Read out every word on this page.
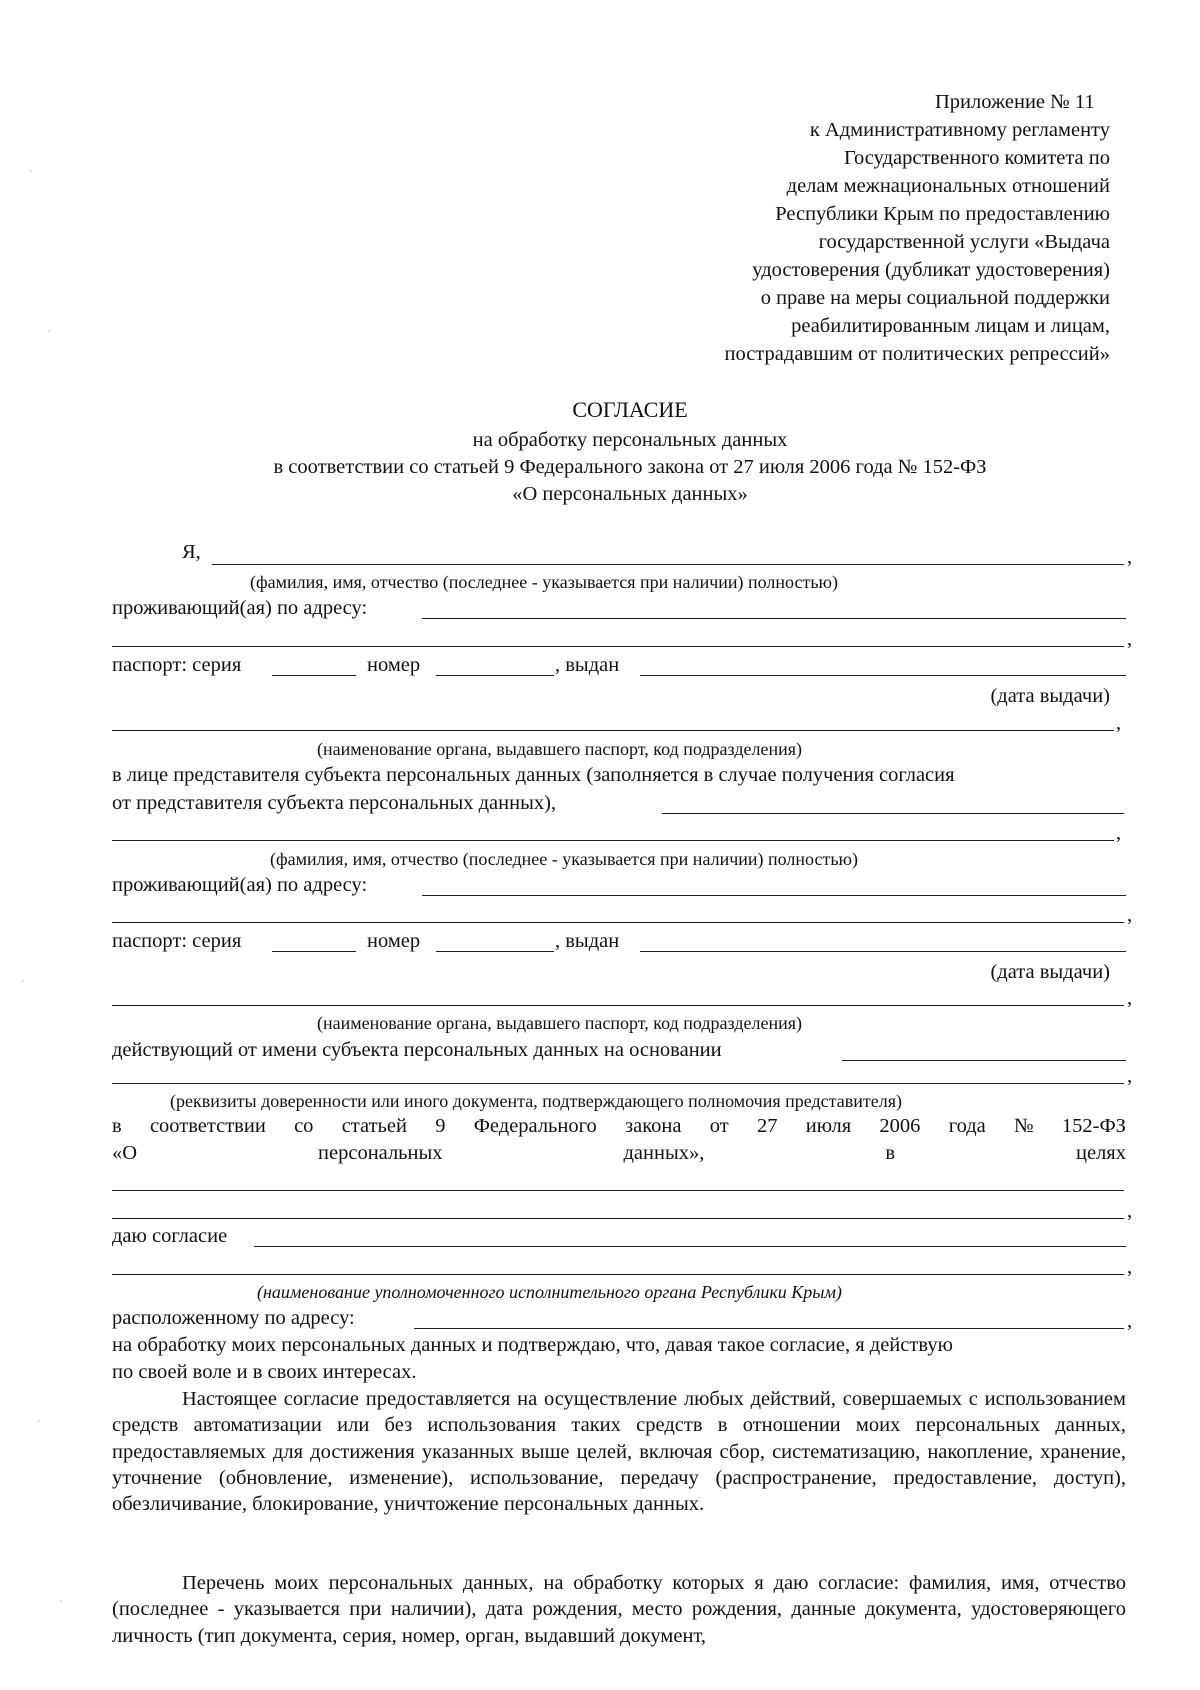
Приложение № 11
к Административному регламенту
Государственного комитета по
делам межнациональных отношений
Республики Крым по предоставлению
государственной услуги «Выдача
удостоверения (дубликат удостоверения)
о праве на меры социальной поддержки
реабилитированным лицам и лицам,
пострадавшим от политических репрессий»
СОГЛАСИЕ
на обработку персональных данных
в соответствии со статьей 9 Федерального закона от 27 июля 2006 года № 152-ФЗ
«О персональных данных»
Я,	,
(фамилия, имя, отчество (последнее - указывается при наличии) полностью)
проживающий(ая) по адресу:
,
паспорт: серия	номер	, выдан
(дата выдачи)
,
(наименование органа, выдавшего паспорт, код подразделения)
в лице представителя субъекта персональных данных (заполняется в случае получения согласия
от представителя субъекта персональных данных),
,
(фамилия, имя, отчество (последнее - указывается при наличии) полностью)
проживающий(ая) по адресу:
,
паспорт: серия	номер	, выдан
(дата выдачи)
,
(наименование органа, выдавшего паспорт, код подразделения)
действующий от имени субъекта персональных данных на основании
,
(реквизиты доверенности или иного документа, подтверждающего полномочия представителя)
в соответствии со статьей 9 Федерального закона от 27 июля 2006 года № 152-ФЗ
«О	персональных	данных»,	в	целях
,
даю согласие
,
(наименование уполномоченного исполнительного органа Республики Крым)
расположенному по адресу:	,
на обработку моих персональных данных и подтверждаю, что, давая такое согласие, я действую
по своей воле и в своих интересах.
Настоящее согласие предоставляется на осуществление любых действий, совершаемых с использованием средств автоматизации или без использования таких средств в отношении моих персональных данных, предоставляемых для достижения указанных выше целей, включая сбор, систематизацию, накопление, хранение, уточнение (обновление, изменение), использование, передачу (распространение, предоставление, доступ), обезличивание, блокирование, уничтожение персональных данных.
Перечень моих персональных данных, на обработку которых я даю согласие: фамилия, имя, отчество (последнее - указывается при наличии), дата рождения, место рождения, данные документа, удостоверяющего личность (тип документа, серия, номер, орган, выдавший документ,
